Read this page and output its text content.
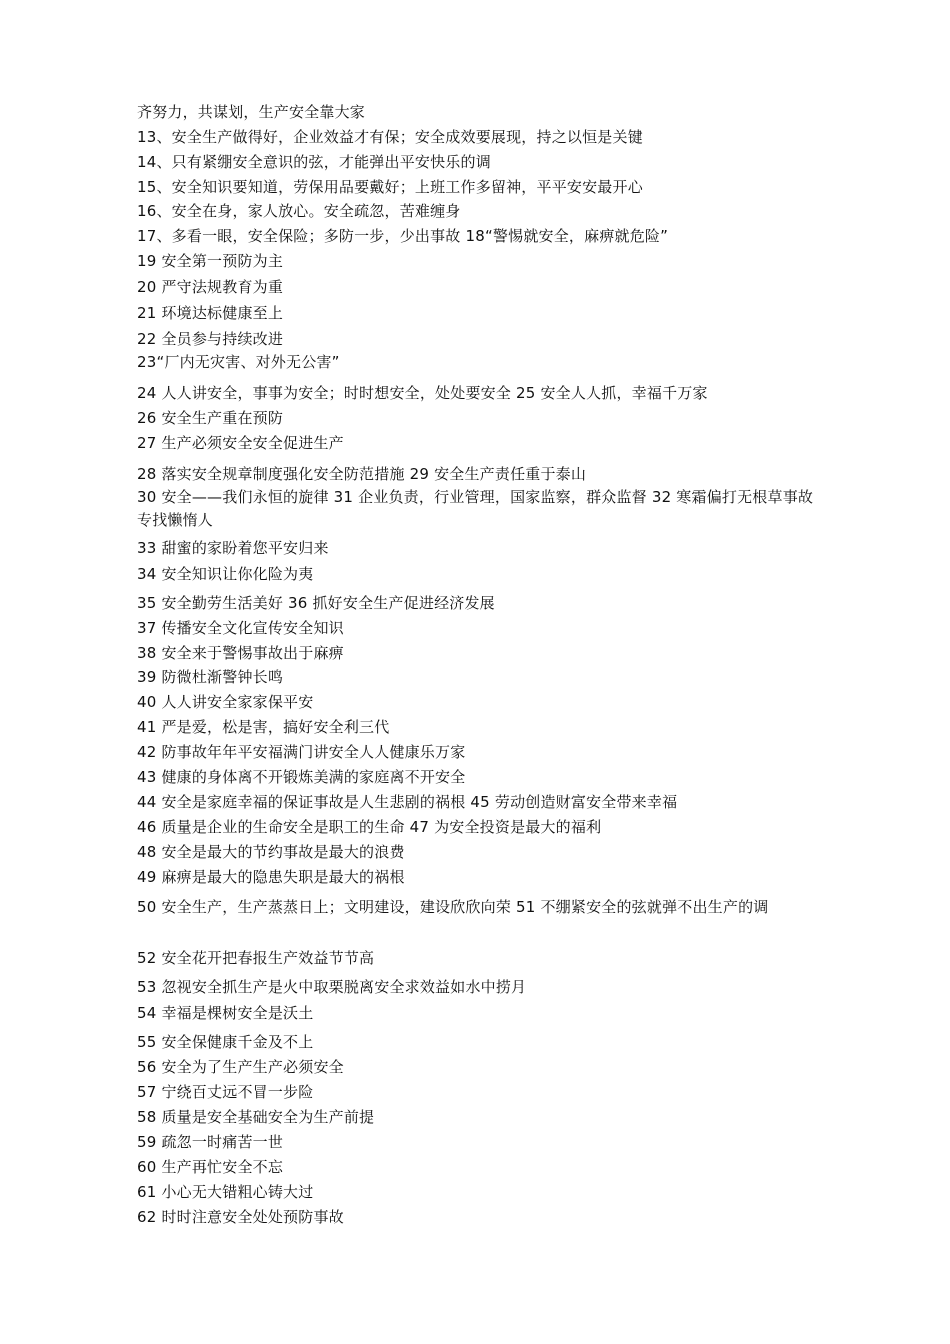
齐努力，共谋划，生产安全靠大家
13、安全生产做得好，企业效益才有保；安全成效要展现，持之以恒是关键
14、只有紧绷安全意识的弦，才能弹出平安快乐的调
15、安全知识要知道，劳保用品要戴好；上班工作多留神，平平安安最开心
16、安全在身，家人放心。安全疏忽，苦难缠身
17、多看一眼，安全保险；多防一步，少出事故 18“警惕就安全，麻痹就危险”
19 安全第一预防为主
20 严守法规教育为重
21 环境达标健康至上
22 全员参与持续改进
23“厂内无灾害、对外无公害”
24 人人讲安全，事事为安全；时时想安全，处处要安全 25 安全人人抓，幸福千万家
26 安全生产重在预防
27 生产必须安全安全促进生产
28 落实安全规章制度强化安全防范措施 29 安全生产责任重于泰山
30 安全——我们永恒的旋律 31 企业负责，行业管理，国家监察，群众监督 32 寒霜偏打无根草事故专找懒惰人
33 甜蜜的家盼着您平安归来
34 安全知识让你化险为夷
35 安全勤劳生活美好 36 抓好安全生产促进经济发展
37 传播安全文化宣传安全知识
38 安全来于警惕事故出于麻痹
39 防微杜渐警钟长鸣
40 人人讲安全家家保平安
41 严是爱，松是害，搞好安全利三代
42 防事故年年平安福满门讲安全人人健康乐万家
43 健康的身体离不开锻炼美满的家庭离不开安全
44 安全是家庭幸福的保证事故是人生悲剧的祸根 45 劳动创造财富安全带来幸福
46 质量是企业的生命安全是职工的生命 47 为安全投资是最大的福利
48 安全是最大的节约事故是最大的浪费
49 麻痹是最大的隐患失职是最大的祸根
50 安全生产，生产蒸蒸日上；文明建设，建设欣欣向荣 51 不绷紧安全的弦就弹不出生产的调
52 安全花开把春报生产效益节节高
53 忽视安全抓生产是火中取栗脱离安全求效益如水中捞月
54 幸福是棵树安全是沃土
55 安全保健康千金及不上
56 安全为了生产生产必须安全
57 宁绕百丈远不冒一步险
58 质量是安全基础安全为生产前提
59 疏忽一时痛苦一世
60 生产再忙安全不忘
61 小心无大错粗心铸大过
62 时时注意安全处处预防事故
